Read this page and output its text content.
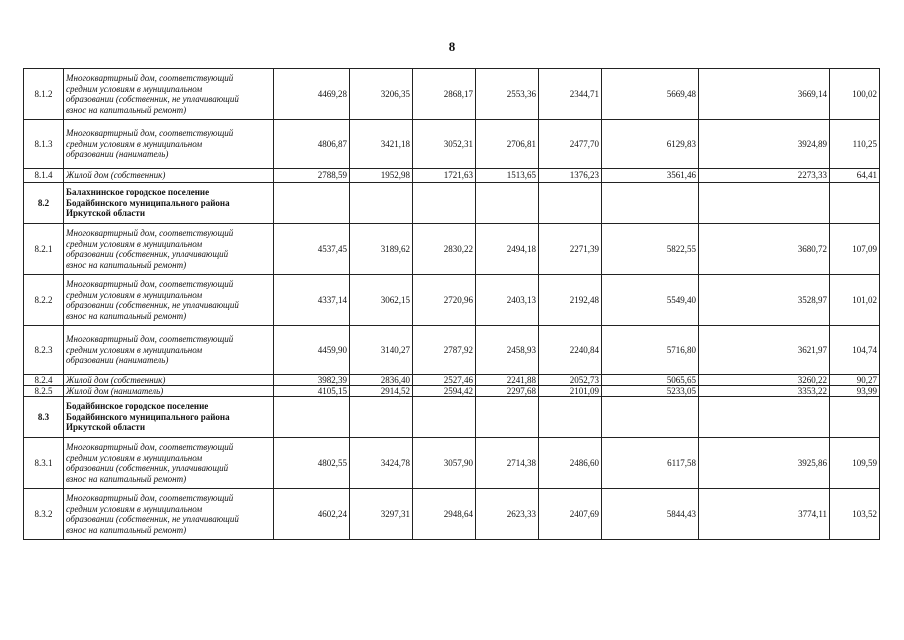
8
8.1.2	Многоквартирный дом, соответствующий
средним условиям в муниципальном
образовании (собственник, не уплачивающий
взнос на капитальный ремонт)	4469,28	3206,35	2868,17	2553,36	2344,71	5669,48	3669,14	100,02
8.1.3	Многоквартирный дом, соответствующий
средним условиям в муниципальном
образовании (наниматель)	4806,87	3421,18	3052,31	2706,81	2477,70	6129,83	3924,89	110,25
8.1.4	Жилой дом (собственник)	2788,59	1952,98	1721,63	1513,65	1376,23	3561,46	2273,33	64,41
8.2	Балахнинское городское поселение
Бодайбинского муниципального района
Иркутской области								

8.2.1	Многоквартирный дом, соответствующий
средним условиям в муниципальном
образовании (собственник, уплачивающий
взнос на капитальный ремонт)	4537,45	3189,62	2830,22	2494,18	2271,39	5822,55	3680,72	107,09
8.2.2	Многоквартирный дом, соответствующий
средним условиям в муниципальном
образовании (собственник, не уплачивающий
взнос на капитальный ремонт)	4337,14	3062,15	2720,96	2403,13	2192,48	5549,40	3528,97	101,02
8.2.3	Многоквартирный дом, соответствующий
средним условиям в муниципальном
образовании (наниматель)	4459,90	3140,27	2787,92	2458,93	2240,84	5716,80	3621,97	104,74
8.2.4	Жилой дом (собственник)	3982,39	2836,40	2527,46	2241,88	2052,73	5065,65	3260,22	90,27
8.2.5	Жилой дом (наниматель)	4105,15	2914,52	2594,42	2297,68	2101,09	5233,05	3353,22	93,99
8.3	Бодайбинское городское поселение
Бодайбинского муниципального района
Иркутской области								

8.3.1	Многоквартирный дом, соответствующий
средним условиям в муниципальном
образовании (собственник, уплачивающий
взнос на капитальный ремонт)	4802,55	3424,78	3057,90	2714,38	2486,60	6117,58	3925,86	109,59
8.3.2	Многоквартирный дом, соответствующий
средним условиям в муниципальном
образовании (собственник, не уплачивающий
взнос на капитальный ремонт)	4602,24	3297,31	2948,64	2623,33	2407,69	5844,43	3774,11	103,52
